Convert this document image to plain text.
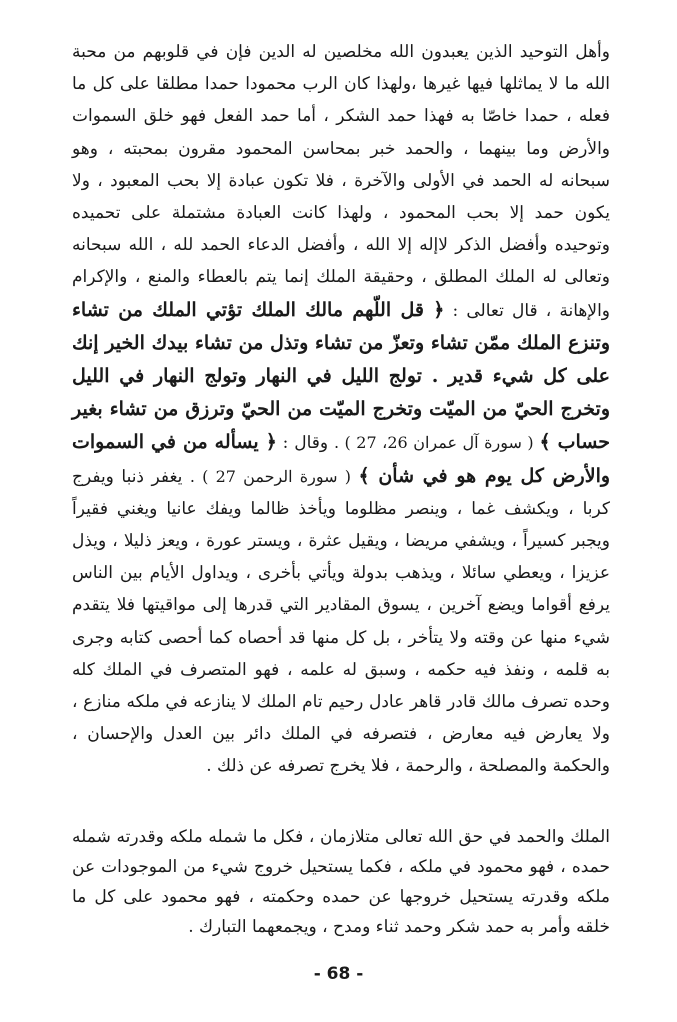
وأهل التوحيد الذين يعبدون الله مخلصين له الدين فإن في قلوبهم من محبة الله ما لا يماثلها فيها غيرها ،ولهذا كان الرب محمودا حمدا مطلقا على كل ما فعله ، حمدا خاصّا به فهذا حمد الشكر ، أما حمد الفعل فهو خلق السموات والأرض وما بينهما ، والحمد خبر بمحاسن المحمود مقرون بمحبته ، وهو سبحانه له الحمد في الأولى والآخرة ، فلا تكون عبادة إلا بحب المعبود ، ولا يكون حمد إلا بحب المحمود ، ولهذا كانت العبادة مشتملة على تحميده وتوحيده وأفضل الذكر لاإله إلا الله ، وأفضل الدعاء الحمد لله ، الله سبحانه وتعالى له الملك المطلق ، وحقيقة الملك إنما يتم بالعطاء والمنع ، والإكرام والإهانة ، قال تعالى : ﴿ قل اللّهم مالك الملك تؤتي الملك من تشاء وتنزع الملك ممّن تشاء وتعزّ من تشاء وتذل من تشاء بيدك الخير إنك على كل شيء قدير . تولج الليل في النهار وتولج النهار في الليل وتخرج الحيّ من الميّت وتخرج الميّت من الحيّ وترزق من تشاء بغير حساب ﴾ ( سورة آل عمران 26، 27 ) . وقال : ﴿ يسأله من في السموات والأرض كل يوم هو في شأن ﴾ ( سورة الرحمن 27 ) . يغفر ذنبا ويفرج كربا ، ويكشف غما ، وينصر مظلوما ويأخذ ظالما ويفك عانيا ويغني فقيراً ويجبر كسيراً ، ويشفي مريضا ، ويقيل عثرة ، ويستر عورة ، ويعز ذليلا ، ويذل عزيزا ، ويعطي سائلا ، ويذهب بدولة ويأتي بأخرى ، ويداول الأيام بين الناس يرفع أقواما ويضع آخرين ، يسوق المقادير التي قدرها إلى مواقيتها فلا يتقدم شيء منها عن وقته ولا يتأخر ، بل كل منها قد أحصاه كما أحصى كتابه وجرى به قلمه ، ونفذ فيه حكمه ، وسبق له علمه ، فهو المتصرف في الملك كله وحده تصرف مالك قادر قاهر عادل رحيم تام الملك لا ينازعه في ملكه منازع ، ولا يعارض فيه معارض ، فتصرفه في الملك دائر بين العدل والإحسان ، والحكمة والمصلحة ، والرحمة ، فلا يخرج تصرفه عن ذلك .
الملك والحمد في حق الله تعالى متلازمان ، فكل ما شمله ملكه وقدرته شمله حمده ، فهو محمود في ملكه ، فكما يستحيل خروج شيء من الموجودات عن ملكه وقدرته يستحيل خروجها عن حمده وحكمته ، فهو محمود على كل ما خلقه وأمر به حمد شكر وحمد ثناء ومدح ، ويجمعهما التبارك .
- 68 -
